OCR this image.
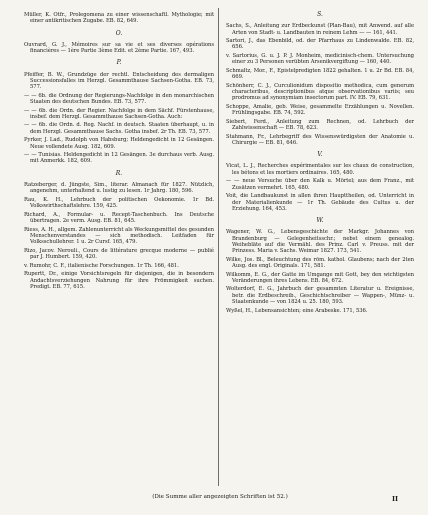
Müller, K. Otfr., Prolegomena zu einer wissenschaftl. Mythologie; mit einer antikritischen Zugabe. EB. 82, 649.
O.
Ouvrard, G. J., Mémoires sur sa vie et ses diverses opérations financières — 1ère Partie 3ème Edit. et 2ème Partie. 167, 493.
P.
Pfeiffer, B. W., Grundzüge der rechtl. Entscheidung des dermaligen Successionsfalles im Herzgl. Gesammthause Sachsen-Gotha. EB. 73, 577.
— — 6b. die Ordnung der Regierungs-Nachfolge in den monarchischen Staaten des deutschen Bundes. EB. 73, 577.
— — 6b. die Ordn. der Regier. Nachfolge in dem Sächf. Fürstenhause, insbef. dem Herzgl. Gesammthause Sachsen-Gotha. Auch:
— — 6b. die Ordn. d. Reg. Nachf. in deutsch. Staaten überhaupt, u. in dem Herzgl. Gesammthause Sachs. Gotha insbef. 2r Th. EB. 73, 577.
Pyrker, J. Lad., Rudolph von Habsburg; Heldengedicht in 12 Gesängen. Neue vollendete Ausg. 182, 609.
— — Tunisias. Heldengedicht in 12 Gesängen. 3e durchaus verb. Ausg. mit Anmerkk. 182, 609.
R.
Ratzeberger, d. Jüngste, Sim., literar. Almanach für 1827. Nützlich, angenehm, unterhaltend u. lustig zu lesen. 1r Jahrg. 180, 596.
Rau, K. H., Lehrbuch der politischen Oekonomie. 1r Bd. Volkswirthschaftslehre. 159, 425.
Richard, A., Formular- u. Recept-Taschenbuch. Ins Deutsche übertragen. 2e verm. Ausg. EB. 81, 645.
Riess, A. H., allgem. Zahlenunterricht als Weckungsmittel des gesunden Menschenverstandes — sich methodisch. Leitfaden für Volksschullehrer. 1 u. 2r Cursf. 165, 479.
Rizo, Jacov. Nerouli., Cours de littérature grecque moderne — publié par J. Humbert. 159, 420.
v. Rumohr, C. F., italienische Forschungen. 1r Th. 166, 481.
Rupertt, Dr., einige Vorsichtsregeln für diejenigen, die in besondern Andachtsverziehungen Nahrung für ihre Frömmigkeit suchen. Predigt. EB. 77, 615.
S.
Sachs, S., Anleitung zur Erdbeckunst (Plan-Bau), mit Anwend. auf alle Arten von Stadt- u. Landbauten in reinem Lehm — — 161, 441.
Sartori, J., das Ebenbild, od. der Pfarrhaus zu Lindenwalde. EB. 82, 656.
v. Sartorius, G. u. J. P. J. Monheim, medicinisch-chem. Untersuchung einer zu 3 Personen verübten Arsenikvergiftung — 160, 440.
Schmaltz, Mor., F., Epistelpredigten 1822 gehalten. 1 u. 2r Bd. EB. 84, 669.
Schönherr, C. J., Curculionidum dispositio methodica, cum generum characteribus, descriptionibus atque observationibus variis; seu prodromus ad synonymiam insectorum part. IV. EB. 79, 631.
Schoppe, Amalie, geb. Weise, gesammelte Erzählungen u. Novellen. Frühlingsgabe. EB. 74, 592.
Siebert, Ferd., Anleitung zum Rechnen, od. Lehrbuch der Zahlwissenschaft — EB. 78, 623.
Stahmann, Fr., Lehrbegriff des Wissenswürdigsten der Anatomie u. Chirurgie — EB. 81, 646.
V.
Vicat, L. J., Recherches expérimentales sur les chaux de construction, les bétons et les mortiers ordinaires. 165, 480.
— — neue Versuche über den Kalk u. Mörtel; aus dem Franz., mit Zusätzen vermehrt. 165, 480.
Voit, die Landbaukunst in allen ihren Haupttheilen, od. Unterricht in der Materialienkunde — 1r Th. Gebäude des Cultus u. der Erziehung. 164, 453.
W.
Wagener, W. G., Lebensgeschichte der Markgr. Johannes von Brandenburg — Gelegenheitsschr.; nebst einem genealog. Weihebläte auf die Vermähl. des Prinz. Carl v. Preuss. mit der Prinzess. Maria v. Sachs. Weimar 1827. 173, 541.
Wilke, Jos. Bl., Beleuchtung des röm. kathol. Glaubens; nach der 2ten Ausg. des engl. Originals. 171, 581.
Wilkomm, E. G., der Gatte im Umgange mit Gott, bey den wichtigsten Veränderungen ihres Lebens. EB. 84, 672.
Wolterdorf, E. G., Jahrbuch der gesammten Literatur u. Ereignisse, betr. die Erdbeschreib., Geschichtschreiber — Wappen-, Münz- u. Staatenkunde — von 1824 u. 25. 180, 593.
Wyßel, H., Lebensansichten; eine Arabeske. 171, 536.
(Die Summe aller angezeigten Schriften ist 52.)	II
